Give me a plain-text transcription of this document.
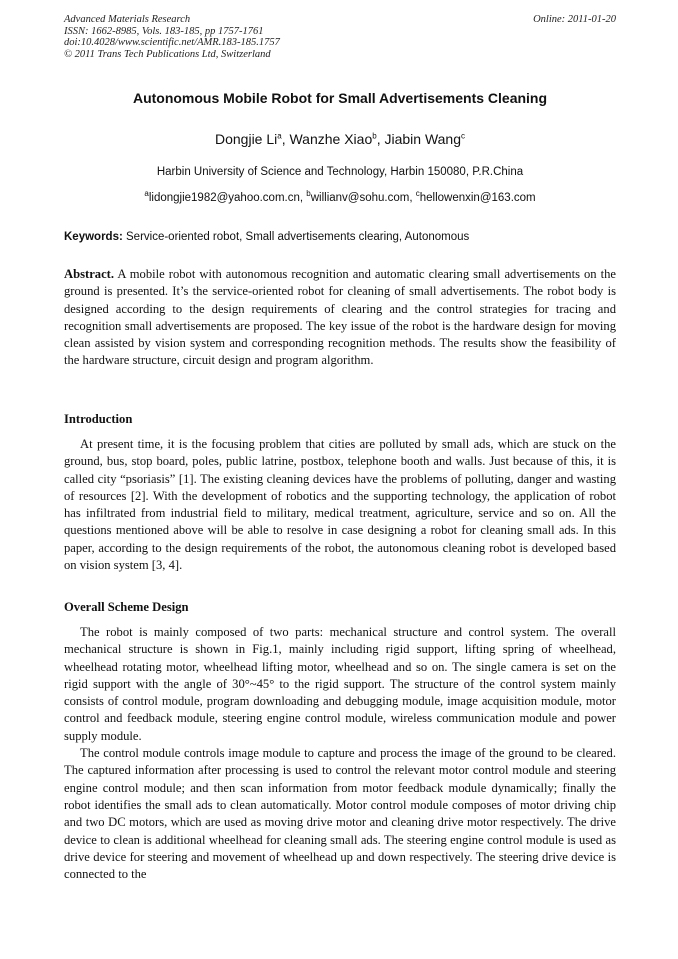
Advanced Materials Research
ISSN: 1662-8985, Vols. 183-185, pp 1757-1761
doi:10.4028/www.scientific.net/AMR.183-185.1757
© 2011 Trans Tech Publications Ltd, Switzerland
Online: 2011-01-20
Autonomous Mobile Robot for Small Advertisements Cleaning
Dongjie Li$^a$, Wanzhe Xiao$^b$, Jiabin Wang$^c$
Harbin University of Science and Technology, Harbin 150080, P.R.China
$^a$lidongjie1982@yahoo.com.cn, $^b$willianv@sohu.com, $^c$hellowenxin@163.com
Keywords: Service-oriented robot, Small advertisements clearing, Autonomous
Abstract. A mobile robot with autonomous recognition and automatic clearing small advertisements on the ground is presented. It’s the service-oriented robot for cleaning of small advertisements. The robot body is designed according to the design requirements of clearing and the control strategies for tracing and recognition small advertisements are proposed. The key issue of the robot is the hardware design for moving clean assisted by vision system and corresponding recognition methods. The results show the feasibility of the hardware structure, circuit design and program algorithm.
Introduction

At present time, it is the focusing problem that cities are polluted by small ads, which are stuck on the ground, bus, stop board, poles, public latrine, postbox, telephone booth and walls. Just because of this, it is called city “psoriasis” [1]. The existing cleaning devices have the problems of polluting, danger and wasting of resources [2]. With the development of robotics and the supporting technology, the application of robot has infiltrated from industrial field to military, medical treatment, agriculture, service and so on. All the questions mentioned above will be able to resolve in case designing a robot for cleaning small ads. In this paper, according to the design requirements of the robot, the autonomous cleaning robot is developed based on vision system [3, 4].

Overall Scheme Design

The robot is mainly composed of two parts: mechanical structure and control system. The overall mechanical structure is shown in Fig.1, mainly including rigid support, lifting spring of wheelhead, wheelhead rotating motor, wheelhead lifting motor, wheelhead and so on. The single camera is set on the rigid support with the angle of 30°~45° to the rigid support. The structure of the control system mainly consists of control module, program downloading and debugging module, image acquisition module, motor control and feedback module, steering engine control module, wireless communication module and power supply module.

The control module controls image module to capture and process the image of the ground to be cleared. The captured information after processing is used to control the relevant motor control module and steering engine control module; and then scan information from motor feedback module dynamically; finally the robot identifies the small ads to clean automatically. Motor control module composes of motor driving chip and two DC motors, which are used as moving drive motor and cleaning drive motor respectively. The drive device to clean is additional wheelhead for cleaning small ads. The steering engine control module is used as drive device for steering and movement of wheelhead up and down respectively. The steering drive device is connected to the
